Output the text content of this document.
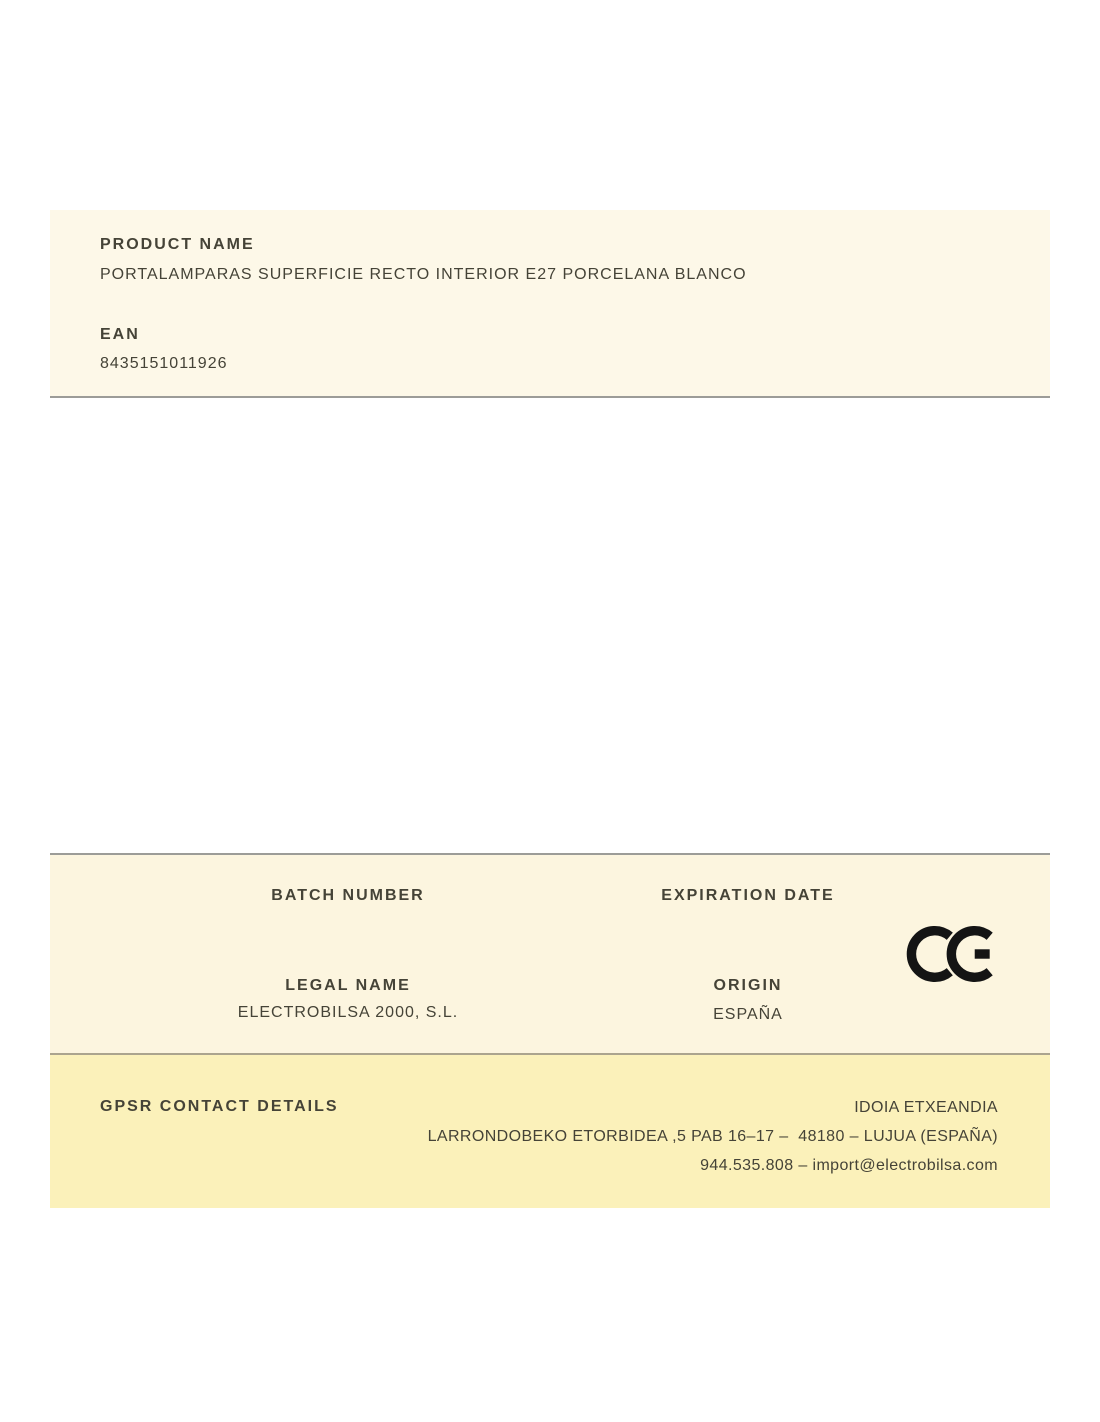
PRODUCT NAME
PORTALAMPARAS SUPERFICIE RECTO INTERIOR E27 PORCELANA BLANCO
EAN
8435151011926
BATCH NUMBER	EXPIRATION DATE
LEGAL NAME
ELECTROBILSA 2000, S.L.
ORIGIN
ESPAÑA
GPSR CONTACT DETAILS	IDOIA ETXEANDIA
LARRONDOBEKO ETORBIDEA ,5 PAB 16–17 –  48180 – LUJUA (ESPAÑA)
944.535.808 – import@electrobilsa.com
